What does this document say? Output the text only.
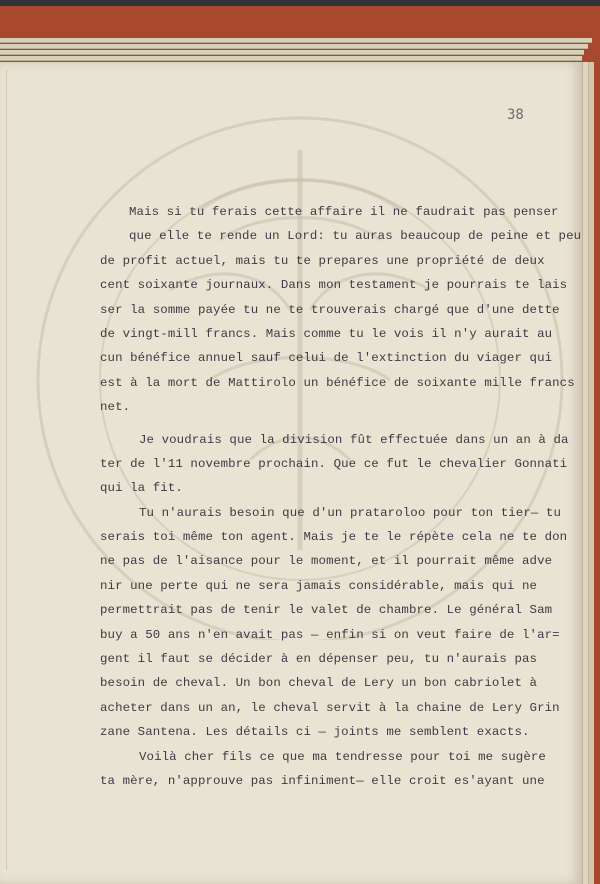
38
Mais si tu ferais cette affaire il ne faudrait pas penser
que elle te rende un Lord: tu auras beaucoup de peine et peu
de profit actuel, mais tu te prepares une propriété de deux
cent soixante journaux. Dans mon testament je pourrais te lais
ser la somme payée tu ne te trouverais chargé que d'une dette
de vingt-mill francs. Mais comme tu le vois il n'y aurait au
cun bénéfice annuel sauf celui de l'extinction du viager qui
est à la mort de Mattirolo un bénéfice de soixante mille francs
net.
Je voudrais que la division fût effectuée dans un an à da
ter de l'11 novembre prochain. Que ce fut le chevalier Gonnati
qui la fit.
Tu n'aurais besoin que d'un prataroloo pour ton tier— tu
serais toi même ton agent. Mais je te le répète cela ne te don
ne pas de l'aisance pour le moment, et il pourrait même adve
nir une perte qui ne sera jamais considérable, mais qui ne
permettrait pas de tenir le valet de chambre. Le général Sam
buy a 50 ans n'en avait pas — enfin si on veut faire de l'ar=
gent il faut se décider à en dépenser peu, tu n'aurais pas
besoin de cheval. Un bon cheval de Lery un bon cabriolet à
acheter dans un an, le cheval servit à la chaine de Lery Grin
zane Santena. Les détails ci — joints me semblent exacts.
Voilà cher fils ce que ma tendresse pour toi me sugère
ta mère, n'approuve pas infiniment— elle croit es'ayant une
